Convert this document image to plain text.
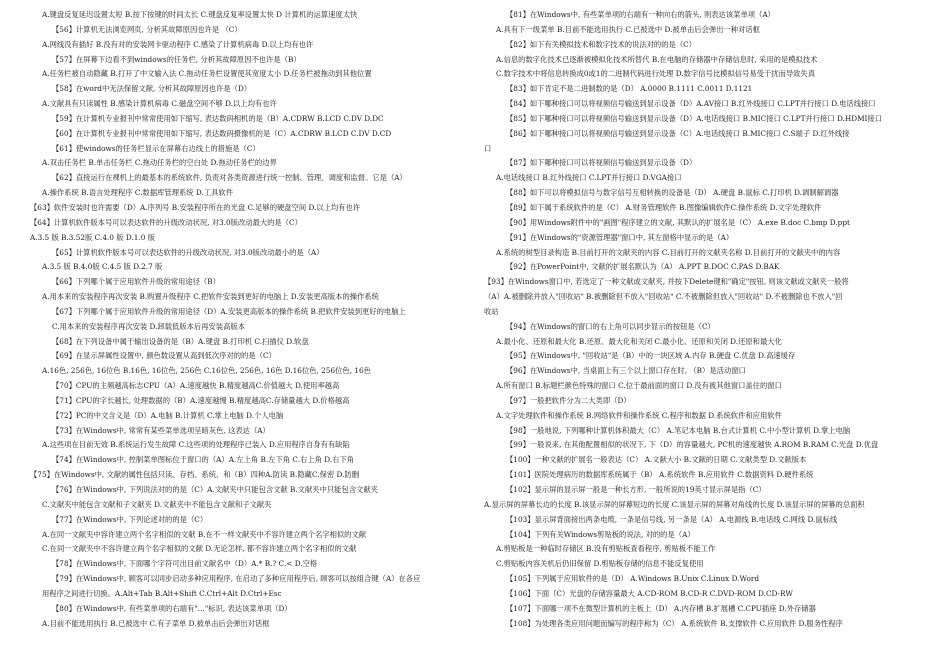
A.键盘反复延迟设置太短 B.按下按键的时间太长 C.键盘反复率设置太快 D 计算机的运算速度太快
【56】计算机无法浏览网页, 分析其故障原因也许是 （C）
A.网线没有插好 B.没有对的安装网卡驱动程序 C.感染了计算机病毒 D.以上均有也许
【57】在屏幕下边看不到windows的任务栏, 分析其故障原因不也许是（B）
A.任务栏被自动隐藏 B.打开了中文输入法 C.拖动任务栏设置使其宽度太小 D.任务栏被拖动到其他位置
【58】在word中无法保留文献, 分析其故障原因也许是（D）
A.文献具有只读属性 B.感染计算机病毒 C.磁盘空间不够 D.以上均有也许
【59】在计算机专业报刊中常常使用如下缩写, 表达数码相机的是（B）A.CDRW B.LCD C.DV D.DC
【60】在计算机专业报刊中常常使用如下缩写, 表达数码摄像机的是（C）A.CDRW B.LCD C.DV D.CD
【61】使windows的任务栏显示在屏幕右边线上的措施是（C）
A.双击任务栏 B.单击任务栏 C.拖动任务栏的空白处 D.拖动任务栏的边界
【62】直接运行在裸机上的最基本的系统软件, 负责对各类资源进行统一控制、管理、调度和监督。它是（A）
A.操作系统 B.语言处理程序 C.数据库管理系统 D.工具软件
【63】软件安装时也许需要（D）A.序列号 B.安装程序所在的光盘 C.足够的硬盘空间 D.以上均有也许
【64】计算机软件版本号可以表达软件的升级改动状况, 对3.0版改动最大的是（C）
A.3.5 版 B.3.52版 C.4.0 版 D.1.0 版
【65】计算机软件版本号可以表达软件的升级改动状况, 对3.0版改动最小的是（A）
A.3.5 版 B.4.0版 C.4.5 版 D.2.7 版
【66】下列哪个属于应用软件升级的常用途径（B）
A.用本来的安装程序再次安装 B.购置升级程序 C.把软件安装到更好的电脑上 D.安装更高版本的操作系统
【67】下列哪个属于应用软件升级的常用途径（D）A.安装更高版本的操作系统 B.把软件安装到更好的电脑上
C.用本来的安装程序再次安装 D.卸载低版本后再安装高版本
【68】在下列设备中属于输出设备的是（B）A.键盘 B.打印机 C.扫描仪 D.软盘
【69】在显示屏属性设置中, 颜色数设置从高到低次序对的的是（C）
A.16色, 256色, 16位色 B.16色, 16位色, 256色 C.16位色, 256色, 16色 D.16位色, 256位色, 16色
【70】CPU的主频越高标志CPU（A）A.速度越快 B.精度越高C.价值越大 D.使用率越高
【71】CPU的字长越长, 处理数据的（B）A.速度越慢 B.精度越高C.存储量越大 D.价格越高
【72】PC的中文含义是（D）A.电脑 B.计算机 C.掌上电脑 D.个人电脑
【73】在Windows中, 常常有某些菜单选项呈暗灰色, 这表达（A）
A.这些项在目前无效 B.系统运行发生故障 C.这些项的处理程序已装入 D.应用程序自身有有缺陷
【74】在Windows中, 控制菜单图标位于窗口的（A）A.左上角 B.左下角 C.右上角 D.右下角
【75】在Windows中, 文献的属性包括只读、存档、系统、和（B）四种A.防读 B.隐藏C.保密 D.防删
【76】在Windows中, 下列说法对的的是（C）A.文献夹中只能包含文献 B.文献夹中只能包含文献夹
C.文献夹中能包含文献和子文献夹 D.文献夹中不能包含文献和子文献夹
【77】在Windows中, 下列论述对的的是（C）
A.在同一文献夹中容许建立两个名字相似的文献 B.在不一样文献夹中不容许建立两个名字相似的文献
C.在同一文献夹中不容许建立两个名字相似的文献 D.无论怎样, 都不容许建立两个名字相似的文献
【78】在Windows中, 下面哪个字符可出目前文献名中（D）A.* B.? C.< D.空格
【79】在Windows中, 顾客可以同步启动多种应用程序, 在启动了多种应用程序后, 顾客可以按组合键（A）在各应
用程序之间进行切换。A.Alt+Tab B.Alt+Shift C.Ctrl+Alt D.Ctrl+Esc
【80】在Windows中, 有些菜单项的右端有"…"标识, 表达该菜单项（D）
A.目前不能选用执行 B.已被选中 C.有子菜单 D.被单击后会弹出对话框
【81】在Windows中, 有些菜单项的右端有一种向右的箭头, 则表达该菜单项（A）
A.具有下一级菜单 B.目前不能选用执行 C.已被选中 D.被单击后会弹出一种对话框
【82】如下有关模拟技术和数字技术的说法对的的是（C）
A.信息的数字化技术已逐渐被模拟化技术所替代 B.在电脑的存储器中存储信息时, 采用的是模拟技术
C.数字技术中将信息转换成0或1的二进制代码进行处理 D.数字信号比模拟信号易受干扰而导致失真
【83】如下肯定不是二进制数的是（D） A.0000 B.1111 C.0011 D.1121
【84】如下哪种接口可以将视频信号输送到显示设备（D）A.AV接口 B.红外线接口 C.LPT并行接口 D.电话线接口
【85】如下哪种接口可以将视频信号输送到显示设备（D）A.电话线接口 B.MIC接口 C.LPT并行接口 D.HDMI接口
【86】如下哪种接口可以将视频信号输送到显示设备（C）A.电话线接口 B.MIC接口 C.S端子 D.红外线接
口
【87】如下哪种接口可以将视频信号输送到显示设备（D）
A.电话线接口 B.红外线接口 C.LPT并行接口 D.VGA接口
【88】如下可以将模拟信号与数字信号互相转换的设备是（D） A.硬盘 B.鼠标 C.打印机 D.调制解调器
【89】如下属于系统软件的是（C） A.财务管理软件 B.图像编辑软件C.操作系统 D.文字处理软件
【90】用Windows附件中的"画图"程序建立的文献, 其默认的扩展名是（C） A.exe B.doc C.bmp D.ppt
【91】在Windows的"资源管理器"窗口中, 其左窗格中显示的是（A）
A.系统的树型目录构造 B.目前打开的文献夹的内容 C.目前打开的文献夹名称 D.目前打开的文献夹中的内容
【92】在PowerPoint中, 文献的扩展名默认为（A） A.PPT B.DOC C.PAS D.BAK
【93】在Windows窗口中, 若选定了一种文献或文献夹, 并按下Delete键和"确定"按钮, 则该文献或文献夹一般将
（A）A.被删除并放入"回收站" B.被删除但不放入"回收站" C.不被删除但放入"回收站" D.不被删除也不放入"回
收站
【94】在Windows的窗口的右上角可以同步显示的按钮是（C）
A.最小化、还原和最大化 B.还原、最大化和关闭 C.最小化、还原和关闭 D.还原和最大化
【95】在Windows中, "回收站"是（B）中的一块区域 A.内存 B.硬盘 C.优盘 D.高速缓存
【96】在Windows中, 当桌面上有三个以上窗口存在时, （B）是活动窗口
A.所有窗口 B.标题栏颜色特殊的窗口 C.位于最前面的窗口 D.没有被其他窗口盖住的窗口
【97】一般把软件分为二大类即（D）
A.文字处理软件和操作系统 B.网络软件和操作系统 C.程序和数据 D.系统软件和应用软件
【98】一般地说, 下列哪种计算机体积最大（C） A.笔记本电脑 B.台式计算机 C.中小型计算机 D.掌上电脑
【99】一般说来, 在其他配置相似的状况下, 下（D）的容量越大, PC机的速度越快 A.ROM B.RAM C.光盘 D.优盘
【100】一种文献的扩展名一般表达（C） A.文献大小 B.文献的日期 C.文献类型 D.文献版本
【101】医院处理病历的数据库系统属于（B） A.系统软件 B.应用软件 C.数据资料 D.硬件系统
【102】显示屏的显示屏一般是一种长方形, 一般所说的19英寸显示屏是指（C）
A.显示屏的屏幕长边的长度 B.该显示屏的屏幕短边的长度 C.该显示屏的屏幕对角线的长度 D.该显示屏的屏幕的总面积
【103】显示屏背面接出两条电缆, 一条是信号线, 另一条是（A） A.电源线 B.电话线 C.网线 D.鼠标线
【104】下列有关Windows剪贴板的说法, 对的的是（A）
A.剪贴板是一种临时存储区 B.没有剪贴板查看程序, 剪贴板不能工作
C.剪贴板内容关机后仍旧保留 D.剪贴板存储的信息不能反复使用
【105】下列属于应用软件的是（D） A.Windows B.Unix C.Linux D.Word
【106】下面（C）光盘的存储容量最大 A.CD-ROM B.CD-R C.DVD-ROM D.CD-RW
【107】下面哪一项不在微型计算机的主板上（D） A.内存槽 B.扩展槽 C.CPU插座 D.外存储器
【108】为处理各类应用问题而编写的程序称为（C） A.系统软件 B.支撑软件 C.应用软件 D.服务性程序
